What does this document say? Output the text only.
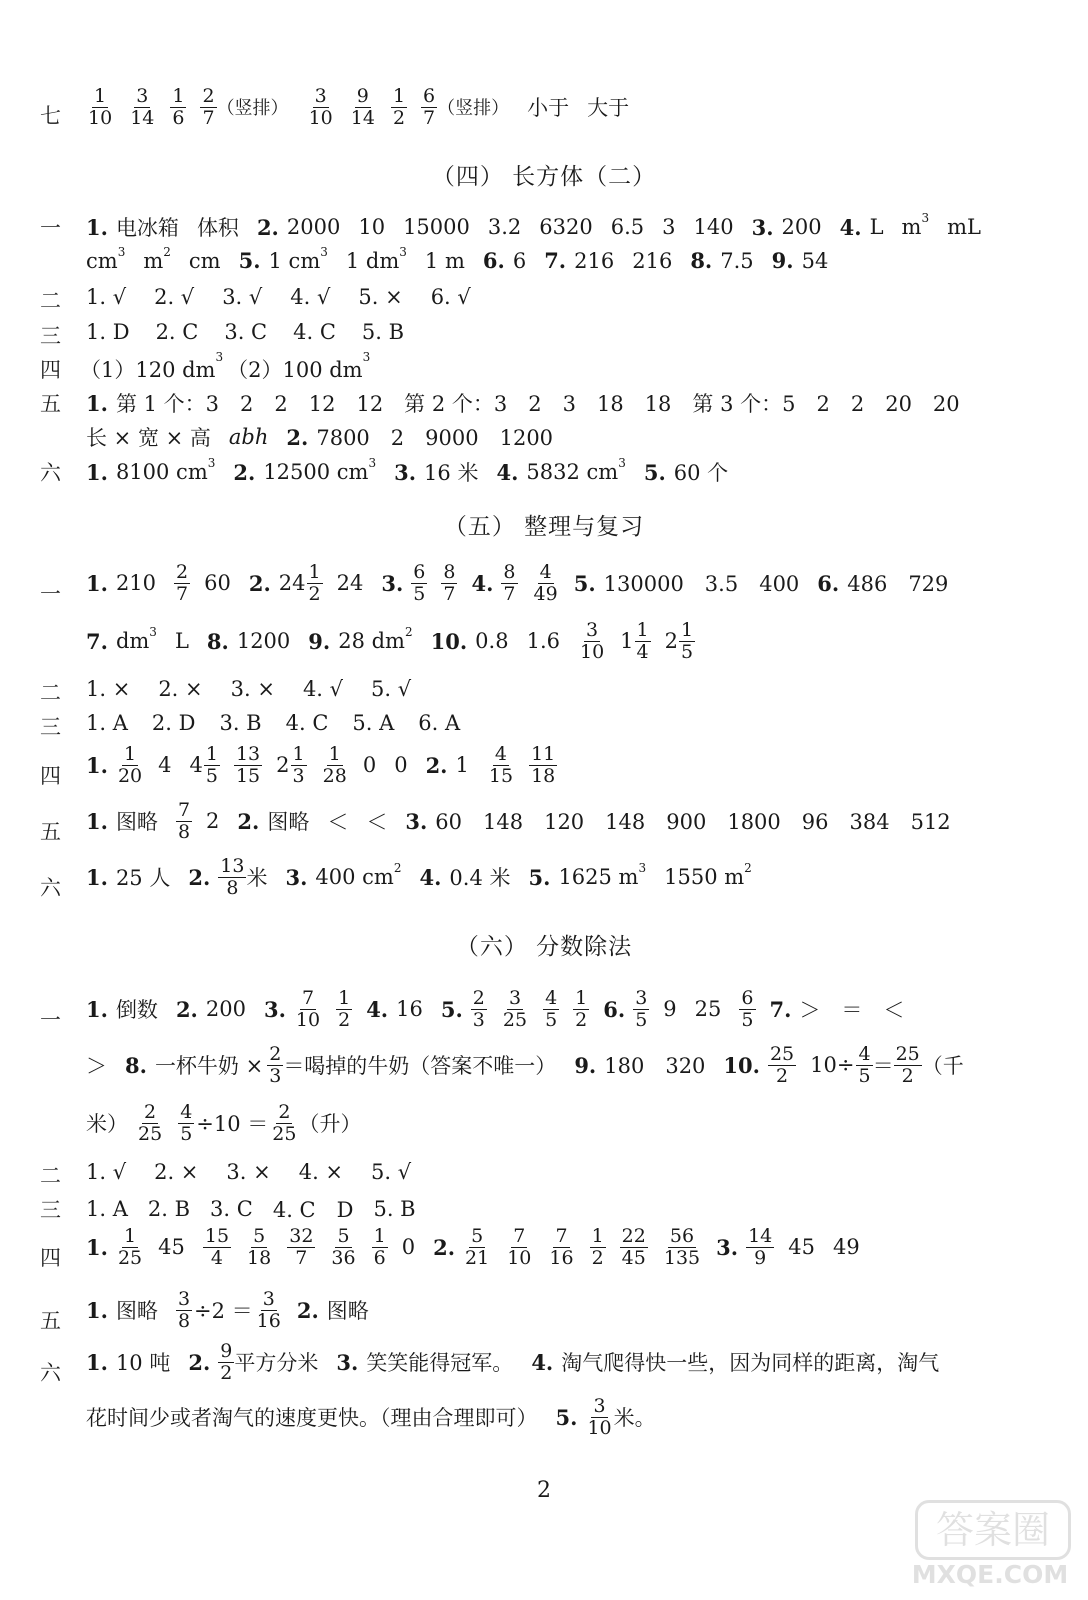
七 $\frac{1}{10} \frac{3}{14} \frac{1}{6} \frac{2}{7}$ （竖排） $\frac{3}{10} \frac{9}{14} \frac{1}{2} \frac{6}{7}$ （竖排） 小于 大于
（四） 长方体（二）
一 1. 电冰箱 体积 2. 2000 10 15000 3.2 6320 6.5 3 140 3. 200 4. L $m^3$ mL
$cm^3$ $m^2$ cm 5. 1 $cm^3$ 1 $dm^3$ 1 m 6. 6 7. 216 216 8. 7.5 9. 54
二 1. √ 2. √ 3. √ 4. √ 5. × 6. √
三 1. D 2. C 3. C 4. C 5. B
四 （1）120 $dm^3$
（2）100 $dm^3$
五 1. 第 1 个：3　2　2　12　12　第 2 个：3　2　3　18　18　第 3 个：5　2　2　20　20
长 × 宽 × 高 abh 2. 7800　2　9000　1200
六 1. 8100 $cm^3$ 2. 12500 $cm^3$ 3. 16 米 4. 5832 $cm^3$ 5. 60 个
（五） 整理与复习
一 1. $210 \frac{2}{7} 60$ 2. $24 \frac{1}{2} 24$ 3. $\frac{6}{5} \frac{8}{7} 4$. $\frac{8}{7} \frac{4}{49} 5$. 130000　3.5　400 6. 486　729
7. $dm^3$ L 8. 1200 9. 28 $dm^2$ 10. 0.8 $1.6 \frac{3}{10} 1 \frac{1}{4} 2 \frac{1}{5}$
二 1. × 2. × 3. × 4. √ 5. √
三 1. A 2. D 3. B 4. C 5. A 6. A
四 1. $\frac{1}{20} 4$ $4 \frac{1}{5} \frac{13}{15} 2 \frac{1}{3} \frac{1}{28} 0$ 0 2. $1 \frac{4}{15} \frac{11}{18}$
五 1. 图略 $\frac{7}{8} 2$ 2. 图略 ＜ ＜ 3. 60　148　120　148　900　1800　96　384　512
六 1. 25 人 2. $\frac{13}{8}$ 米 3. 400 $cm^2$ 4. 0.4 米 5. 1625 $m^3$ 1550 $m^2$
（六） 分数除法
一 1. 倒数 2. 200 3. $\frac{7}{10} \frac{1}{2} 4$. 16 5. $\frac{2}{3} \frac{3}{25} \frac{4}{5} \frac{1}{2} 6$. $\frac{3}{5} 9$ $25 \frac{6}{5} 7$. ＞　＝　＜
＞ 8. 一杯牛奶 × $\frac{2}{3}$ ＝喝掉的牛奶（答案不唯一） 9. 180　320 10. $\frac{25}{2} 10\div \frac{4}{5} = \frac{25}{2}$ （千
米） $\frac{2}{25} \frac{4}{5} \div 10 = \frac{2}{25}$ （升）
二 1. √ 2. × 3. × 4. × 5. √
三 1. A 2. B 3. C 4. C　D 5. B
四 1. $\frac{1}{25} 45 \frac{15}{4} \frac{5}{18} \frac{32}{7} \frac{5}{36} \frac{1}{6} 0$ 2. $\frac{5}{21} \frac{7}{10} \frac{7}{16} \frac{1}{2} \frac{22}{45} \frac{56}{135} 3$. $\frac{14}{9} 45$ 49
五 1. 图略 $\frac{3}{8} \div 2 = \frac{3}{16} 2$. 图略
六 1. 10 吨 2. $\frac{9}{2}$ 平方分米 3. 笑笑能得冠军。 4. 淘气爬得快一些，因为同样的距离，淘气
花时间少或者淘气的速度更快。（理由合理即可） 5. $\frac{3}{10}$ 米。
2
答案圈
MXQE.COM
